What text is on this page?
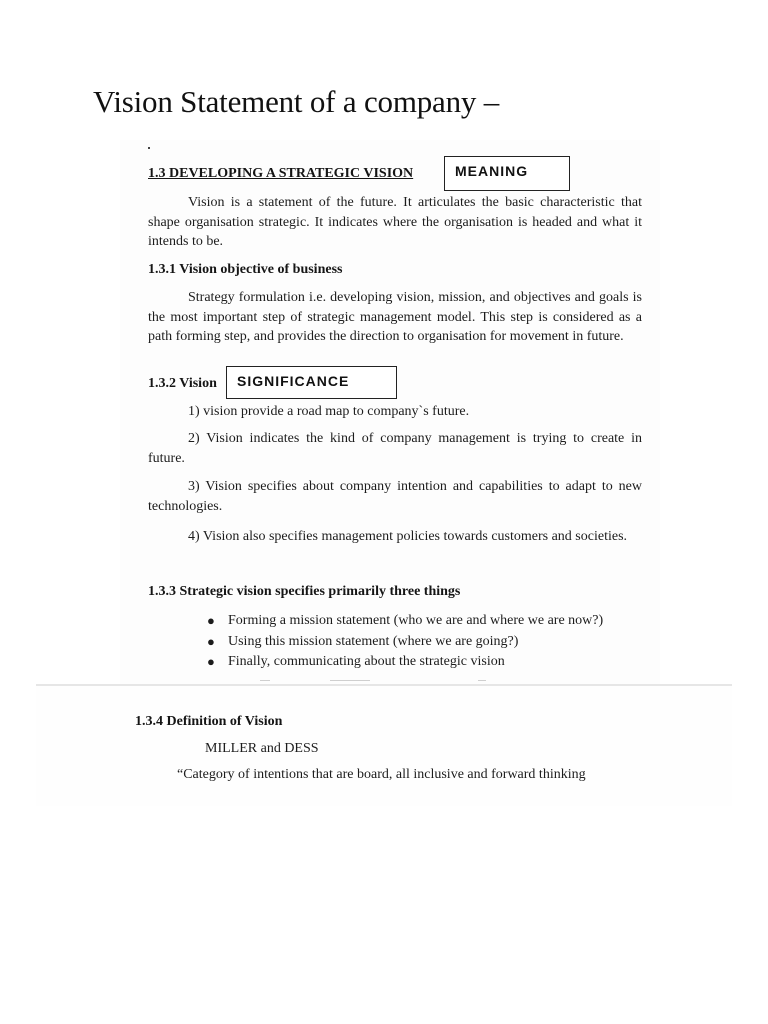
Vision Statement of a company –
1.3 DEVELOPING A STRATEGIC VISION	MEANING
Vision is a statement of the future. It articulates the basic characteristic that shape organisation strategic. It indicates where the organisation is headed and what it intends to be.
1.3.1 Vision objective of business
Strategy formulation i.e. developing vision, mission, and objectives and goals is the most important step of strategic management model. This step is considered as a path forming step, and provides the direction to organisation for movement in future.
1.3.2 Vision	SIGNIFICANCE
1) vision provide a road map to company`s future.
2) Vision indicates the kind of company management is trying to create in future.
3) Vision specifies about company intention and capabilities to adapt to new technologies.
4) Vision also specifies management policies towards customers and societies.
1.3.3 Strategic vision specifies primarily three things
● Forming a mission statement (who we are and where we are now?)
● Using this mission statement (where we are going?)
● Finally, communicating about the strategic vision
1.3.4 Definition of Vision
MILLER and DESS
“Category of intentions that are board, all inclusive and forward thinking
